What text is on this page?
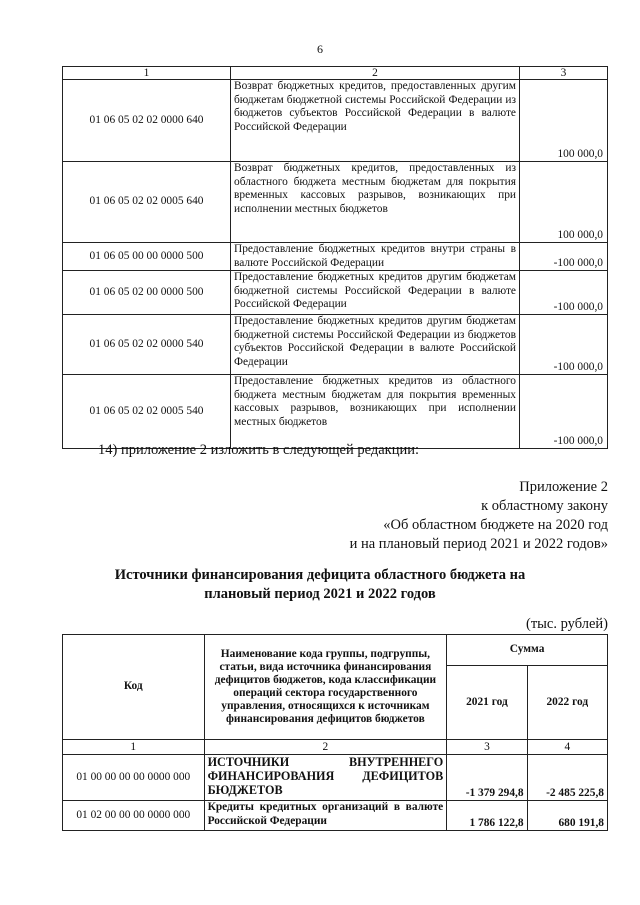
6
1	2	3
01 06 05 02 02 0000 640	Возврат бюджетных кредитов, предоставленных другим бюджетам бюджетной системы Российской Федерации из бюджетов субъектов Российской Федерации в валюте Российской Федерации	100 000,0
01 06 05 02 02 0005 640	Возврат бюджетных кредитов, предоставленных из областного бюджета местным бюджетам для покрытия временных кассовых разрывов, возникающих при исполнении местных бюджетов	100 000,0
01 06 05 00 00 0000 500	Предоставление бюджетных кредитов внутри страны в валюте Российской Федерации	-100 000,0
01 06 05 02 00 0000 500	Предоставление бюджетных кредитов другим бюджетам бюджетной системы Российской Федерации в валюте Российской Федерации	-100 000,0
01 06 05 02 02 0000 540	Предоставление бюджетных кредитов другим бюджетам бюджетной системы Российской Федерации из бюджетов субъектов Российской Федерации в валюте Российской Федерации	-100 000,0
01 06 05 02 02 0005 540	Предоставление бюджетных кредитов из областного бюджета местным бюджетам для покрытия временных кассовых разрывов, возникающих при исполнении местных бюджетов	-100 000,0
14) приложение 2 изложить в следующей редакции:
Приложение 2
к областному закону
«Об областном бюджете на 2020 год
и на плановый период 2021 и 2022 годов»
Источники финансирования дефицита областного бюджета на
плановый период 2021 и 2022 годов
(тыс. рублей)
Код	Наименование кода группы, подгруппы, статьи, вида источника финансирования дефицитов бюджетов, кода классификации операций сектора государственного управления, относящихся к источникам финансирования дефицитов бюджетов	Сумма	
		2021 год	2022 год
1	2	3	4
01 00 00 00 00 0000 000	ИСТОЧНИКИ ВНУТРЕННЕГО ФИНАНСИРОВАНИЯ ДЕФИЦИТОВ БЮДЖЕТОВ	-1 379 294,8	-2 485 225,8
01 02 00 00 00 0000 000	Кредиты кредитных организаций в валюте Российской Федерации	1 786 122,8	680 191,8
